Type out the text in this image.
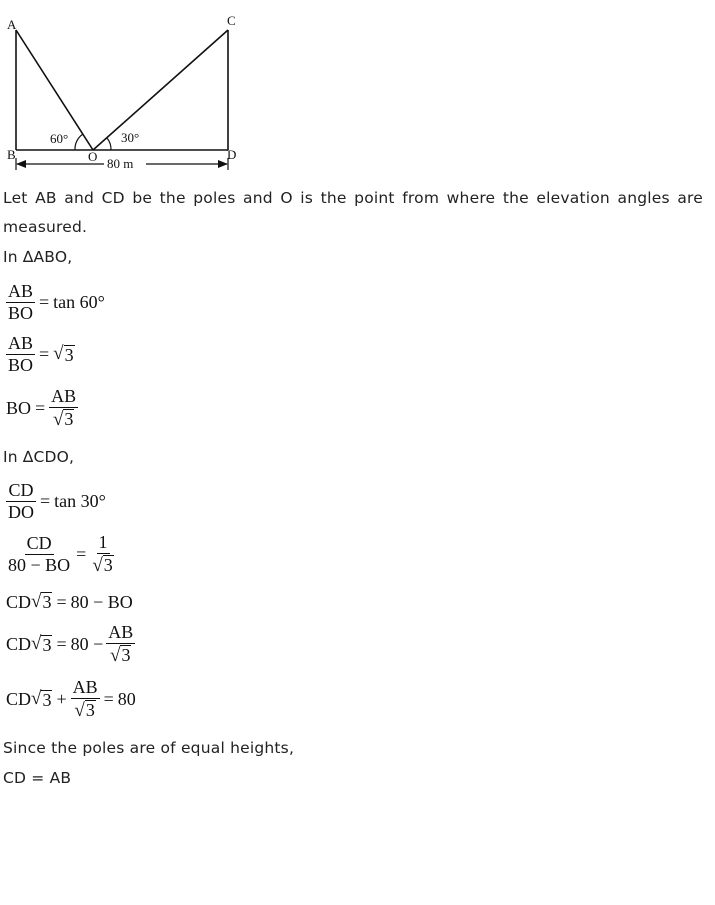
A
B
C
D
O
60°	30°
80 m
Let AB and CD be the poles and O is the point from where the elevation angles are
measured.
In ∆ABO,
$\frac{AB}{BO} = \tan 60^\circ$
$\frac{AB}{BO}$ = √ 3
BO = $\frac{AB}{√ 3}$
In ∆CDO,
$\frac{CD}{DO} = \tan 30^\circ$
$\frac{CD}{80 - BO} = \frac{1}{√ 3}$
CD √ 3 = 80 − BO
CD √ $3 = 80 - \frac{AB}{√ 3}$
CD √ $3 + \frac{AB}{√ 3} = 80$
Since the poles are of equal heights,
CD = AB
